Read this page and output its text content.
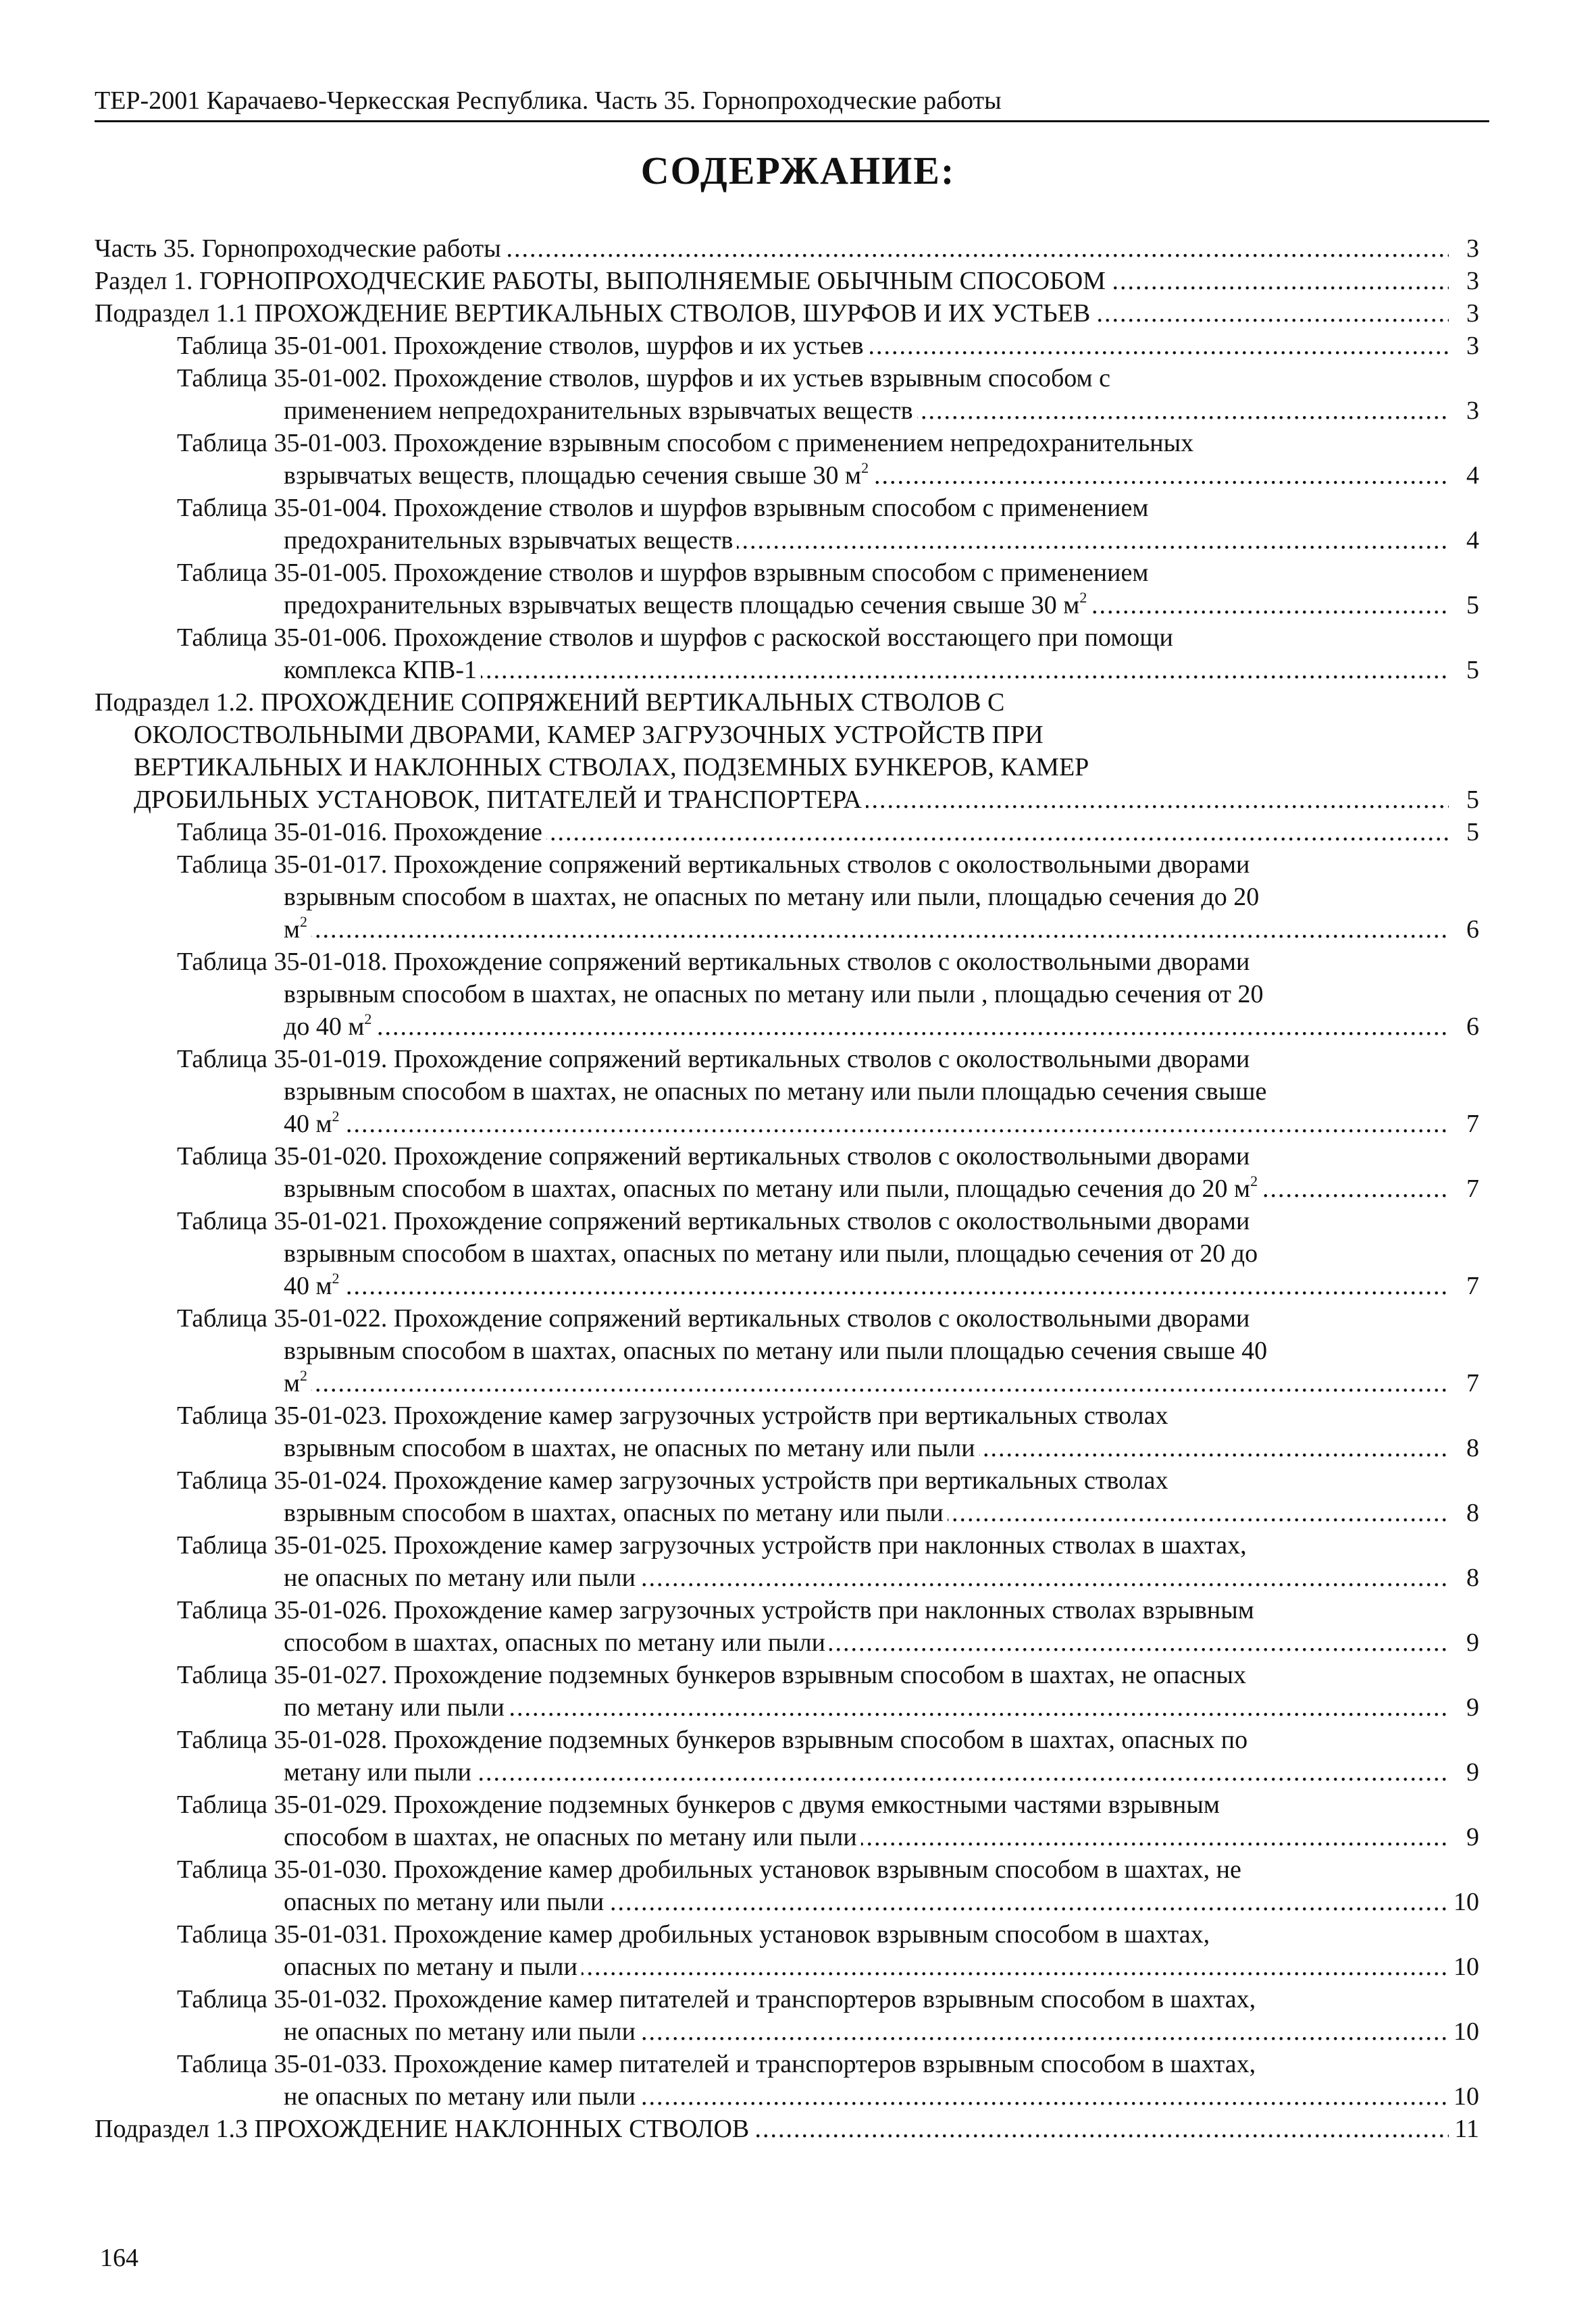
ТЕР-2001 Карачаево-Черкесская Республика. Часть 35. Горнопроходческие работы
СОДЕРЖАНИЕ:
Часть 35. Горнопроходческие работы .....	3
Раздел 1. ГОРНОПРОХОДЧЕСКИЕ РАБОТЫ, ВЫПОЛНЯЕМЫЕ ОБЫЧНЫМ СПОСОБОМ .....	3
Подраздел 1.1 ПРОХОЖДЕНИЕ ВЕРТИКАЛЬНЫХ СТВОЛОВ, ШУРФОВ И ИХ УСТЬЕВ .....	3
Таблица 35-01-001. Прохождение стволов, шурфов и их устьев .....	3
Таблица 35-01-002. Прохождение стволов, шурфов и их устьев взрывным способом с
применением непредохранительных взрывчатых веществ .....	3
Таблица 35-01-003. Прохождение взрывным способом с применением непредохранительных
взрывчатых веществ, площадью сечения свыше 30 $м^2$ .....	4
Таблица 35-01-004. Прохождение стволов и шурфов взрывным способом с применением
предохранительных взрывчатых веществ .....	4
Таблица 35-01-005. Прохождение стволов и шурфов взрывным способом с применением
предохранительных взрывчатых веществ площадью сечения свыше 30 $м^2$ .....	5
Таблица 35-01-006. Прохождение стволов и шурфов с раскоской восстающего при помощи
комплекса КПВ-1 .....	5
Подраздел 1.2. ПРОХОЖДЕНИЕ СОПРЯЖЕНИЙ ВЕРТИКАЛЬНЫХ СТВОЛОВ С
ОКОЛОСТВОЛЬНЫМИ ДВОРАМИ, КАМЕР ЗАГРУЗОЧНЫХ УСТРОЙСТВ ПРИ
ВЕРТИКАЛЬНЫХ И НАКЛОННЫХ СТВОЛАХ, ПОДЗЕМНЫХ БУНКЕРОВ, КАМЕР
ДРОБИЛЬНЫХ УСТАНОВОК, ПИТАТЕЛЕЙ И ТРАНСПОРТЕРА .....	5
Таблица 35-01-016. Прохождение .....	5
Таблица 35-01-017. Прохождение сопряжений вертикальных стволов с околоствольными дворами
взрывным способом в шахтах, не опасных по метану или пыли, площадью сечения до 20
$м^2$ .....	6
Таблица 35-01-018. Прохождение сопряжений вертикальных стволов с околоствольными дворами
взрывным способом в шахтах, не опасных по метану или пыли , площадью сечения от 20
до 40 $м^2$ .....	6
Таблица 35-01-019. Прохождение сопряжений вертикальных стволов с околоствольными дворами
взрывным способом в шахтах, не опасных по метану или пыли площадью сечения свыше
40 $м^2$ .....	7
Таблица 35-01-020. Прохождение сопряжений вертикальных стволов с околоствольными дворами
взрывным способом в шахтах, опасных по метану или пыли, площадью сечения до 20 $м^2$ .....	7
Таблица 35-01-021. Прохождение сопряжений вертикальных стволов с околоствольными дворами
взрывным способом в шахтах, опасных по метану или пыли, площадью сечения от 20 до
40 $м^2$ .....	7
Таблица 35-01-022. Прохождение сопряжений вертикальных стволов с околоствольными дворами
взрывным способом в шахтах, опасных по метану или пыли площадью сечения свыше 40
$м^2$ .....	7
Таблица 35-01-023. Прохождение камер загрузочных устройств при вертикальных стволах
взрывным способом в шахтах, не опасных по метану или пыли .....	8
Таблица 35-01-024. Прохождение камер загрузочных устройств при вертикальных стволах
взрывным способом в шахтах, опасных по метану или пыли .....	8
Таблица 35-01-025. Прохождение камер загрузочных устройств при наклонных стволах в шахтах,
не опасных по метану или пыли .....	8
Таблица 35-01-026. Прохождение камер загрузочных устройств при наклонных стволах взрывным
способом в шахтах, опасных по метану или пыли .....	9
Таблица 35-01-027. Прохождение подземных бункеров взрывным способом в шахтах, не опасных
по метану или пыли .....	9
Таблица 35-01-028. Прохождение подземных бункеров взрывным способом в шахтах, опасных по
метану или пыли .....	9
Таблица 35-01-029. Прохождение подземных бункеров с двумя емкостными частями взрывным
способом в шахтах, не опасных по метану или пыли .....	9
Таблица 35-01-030. Прохождение камер дробильных установок взрывным способом в шахтах, не
опасных по метану или пыли .....	10
Таблица 35-01-031. Прохождение камер дробильных установок взрывным способом в шахтах,
опасных по метану и пыли .....	10
Таблица 35-01-032. Прохождение камер питателей и транспортеров взрывным способом в шахтах,
не опасных по метану или пыли .....	10
Таблица 35-01-033. Прохождение камер питателей и транспортеров взрывным способом в шахтах,
не опасных по метану или пыли .....	10
Подраздел 1.3 ПРОХОЖДЕНИЕ НАКЛОННЫХ СТВОЛОВ .....	11
164
